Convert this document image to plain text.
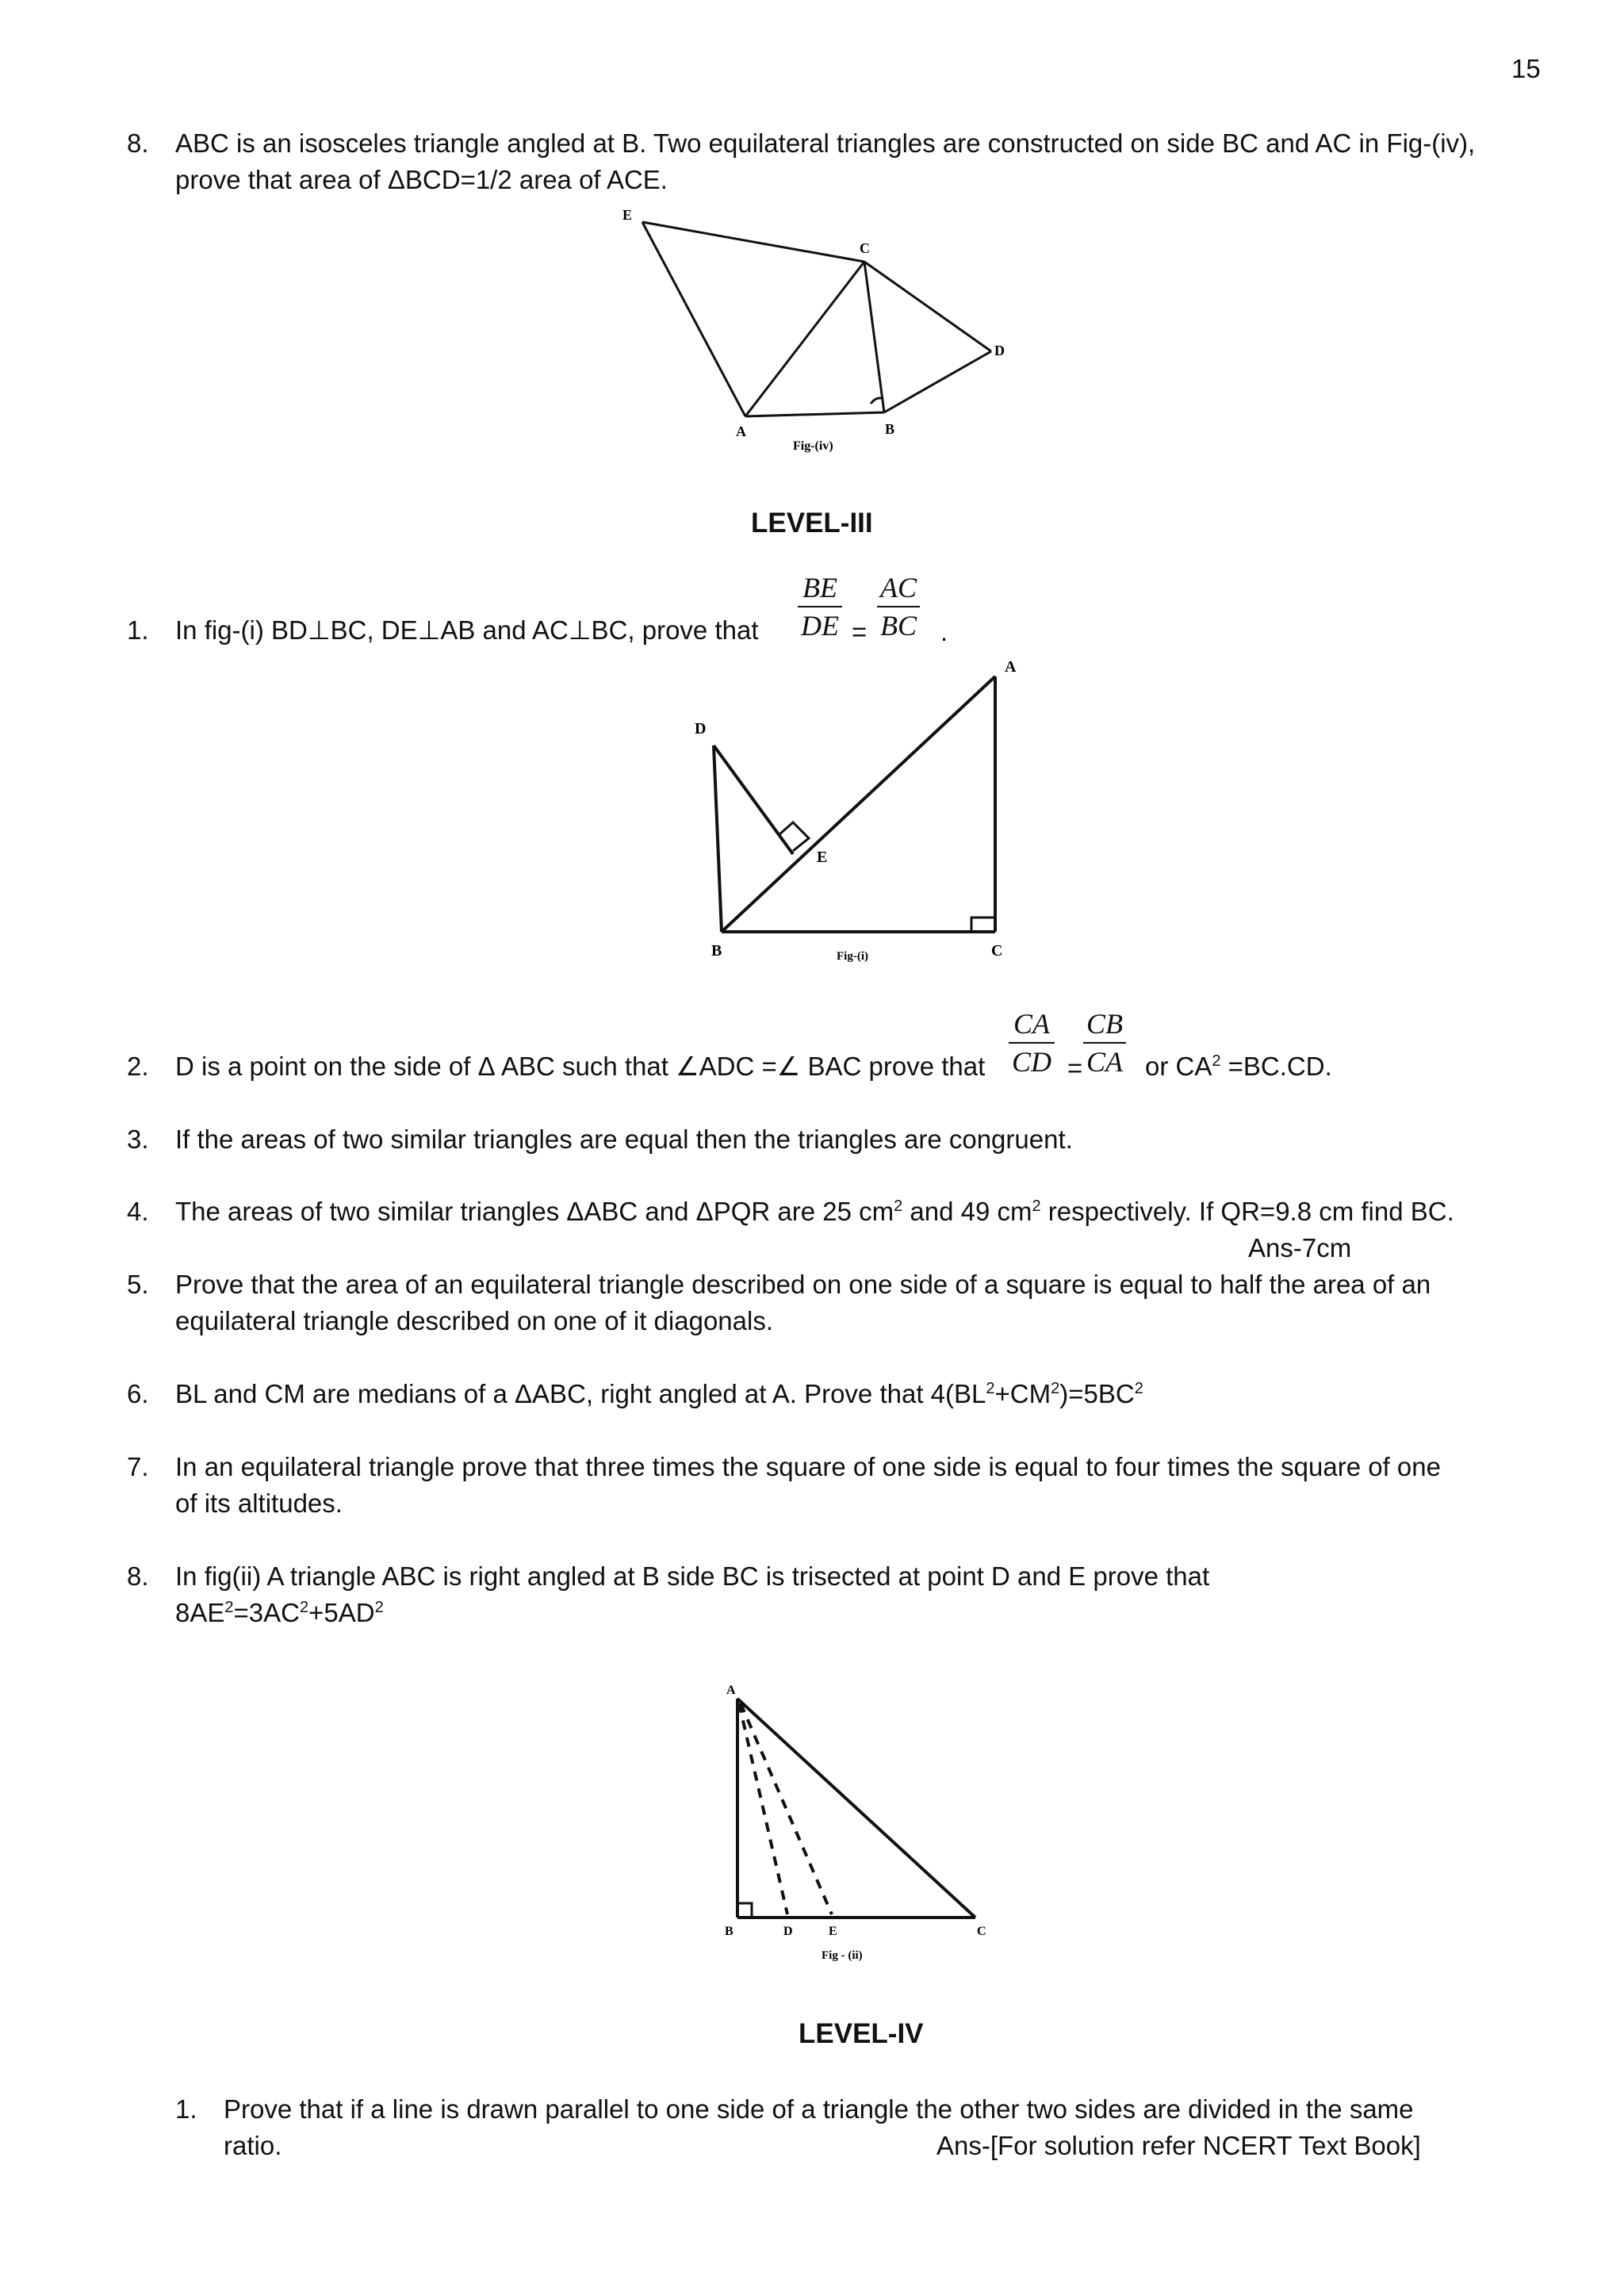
15
8. ABC is an isosceles triangle angled at B. Two equilateral triangles are constructed on side BC and AC in Fig-(iv),
prove that area of ΔBCD=1/2 area of ACE.
E
C
D
A	B
Fig-(iv)
LEVEL-III
1. In fig-(i) BD⊥BC, DE⊥AB and AC⊥BC, prove that $\frac{BE}{DE} = \frac{AC}{BC}$ .
A
D
E
B	C
Fig-(i)
2. D is a point on the side of Δ ABC such that ∠ADC =∠ BAC prove that $\frac{CA}{CD} = \frac{CB}{CA}$ or $CA^2 =BC.CD$.
3. If the areas of two similar triangles are equal then the triangles are congruent.
4. The areas of two similar triangles ΔABC and ΔPQR are 25 $cm^2$ and 49 $cm^2$ respectively. If QR=9.8 cm find BC.
Ans-7cm
5. Prove that the area of an equilateral triangle described on one side of a square is equal to half the area of an
equilateral triangle described on one of it diagonals.
6. BL and CM are medians of a ΔABC, right angled at A. Prove that $4(BL^2+CM^2)=5BC^2$
7. In an equilateral triangle prove that three times the square of one side is equal to four times the square of one
of its altitudes.
8. In fig(ii) A triangle ABC is right angled at B side BC is trisected at point D and E prove that
$8AE^2=3AC^2+5AD^2$
A
B	D	E	C
Fig - (ii)
LEVEL-IV
1. Prove that if a line is drawn parallel to one side of a triangle the other two sides are divided in the same
ratio.	Ans-[For solution refer NCERT Text Book]
